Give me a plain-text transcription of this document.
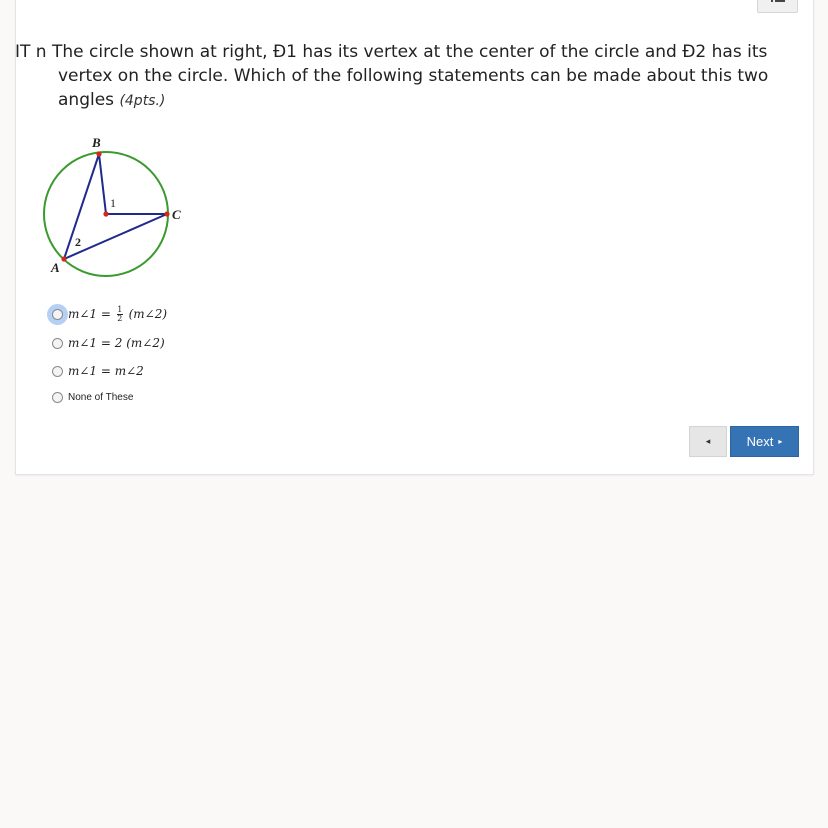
IT n The circle shown at right, Ð1 has its vertex at the center of the circle and Ð2 has its
vertex on the circle. Which of the following statements can be made about this two
angles (4pts.)
B
C
A
1
2
m∠1 = $\frac{1}{2}$ (m∠2)
m∠1 = 2 (m∠2)
m∠1 = m∠2
None of These
◂	Next ▸
